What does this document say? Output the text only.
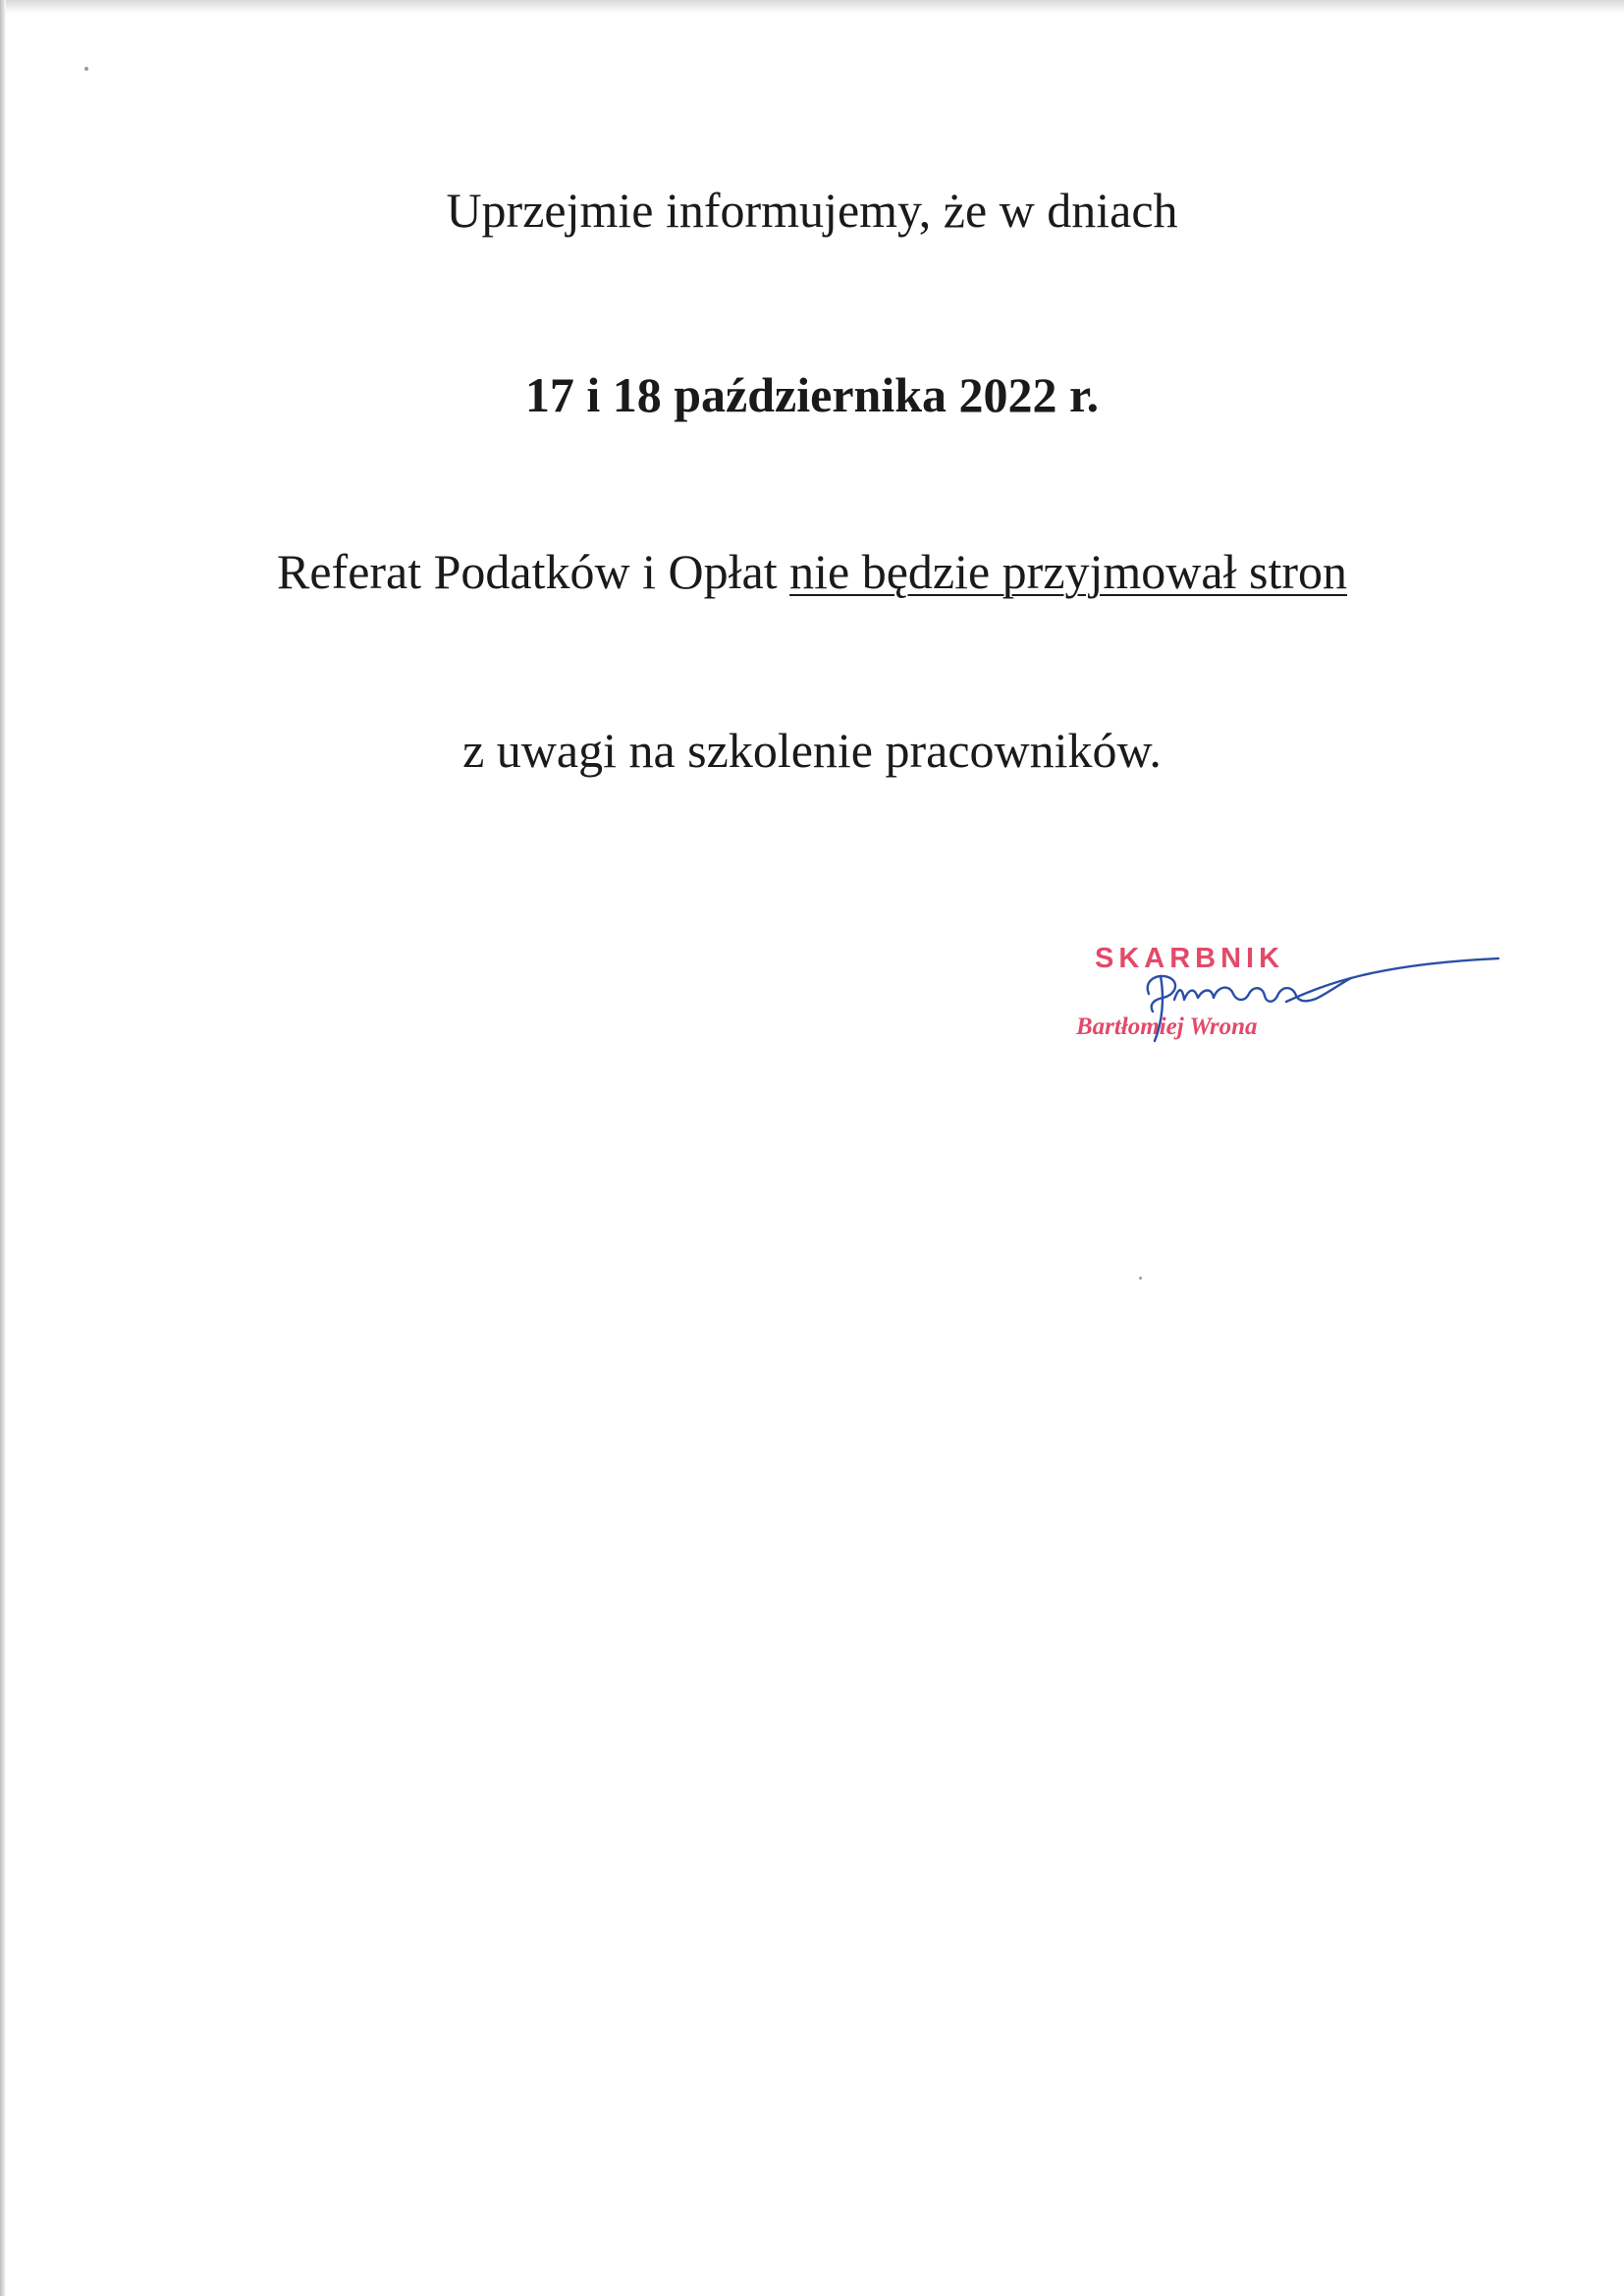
Uprzejmie informujemy, że w dniach
17 i 18 października 2022 r.
Referat Podatków i Opłat nie będzie przyjmował stron
z uwagi na szkolenie pracowników.
SKARBNIK
Bartłomiej Wrona
